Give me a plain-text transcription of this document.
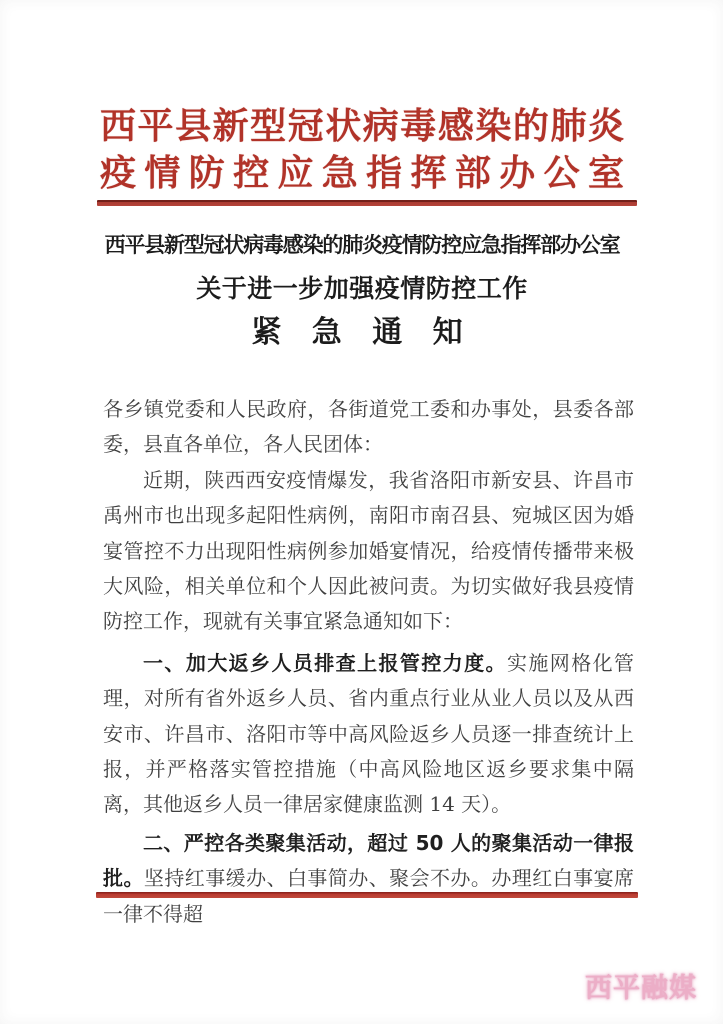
西平县新型冠状病毒感染的肺炎
疫情防控应急指挥部办公室
西平县新型冠状病毒感染的肺炎疫情防控应急指挥部办公室
关于进一步加强疫情防控工作
紧 急 通 知

各乡镇党委和人民政府，各街道党工委和办事处，县委各部委，县直各单位，各人民团体：

近期，陕西西安疫情爆发，我省洛阳市新安县、许昌市禹州市也出现多起阳性病例，南阳市南召县、宛城区因为婚宴管控不力出现阳性病例参加婚宴情况，给疫情传播带来极大风险，相关单位和个人因此被问责。为切实做好我县疫情防控工作，现就有关事宜紧急通知如下：

一、加大返乡人员排查上报管控力度。实施网格化管理，对所有省外返乡人员、省内重点行业从业人员以及从西安市、许昌市、洛阳市等中高风险返乡人员逐一排查统计上报，并严格落实管控措施（中高风险地区返乡要求集中隔离，其他返乡人员一律居家健康监测 14 天）。

二、严控各类聚集活动，超过 50 人的聚集活动一律报批。坚持红事缓办、白事简办、聚会不办。办理红白事宴席一律不得超

西平融媒
